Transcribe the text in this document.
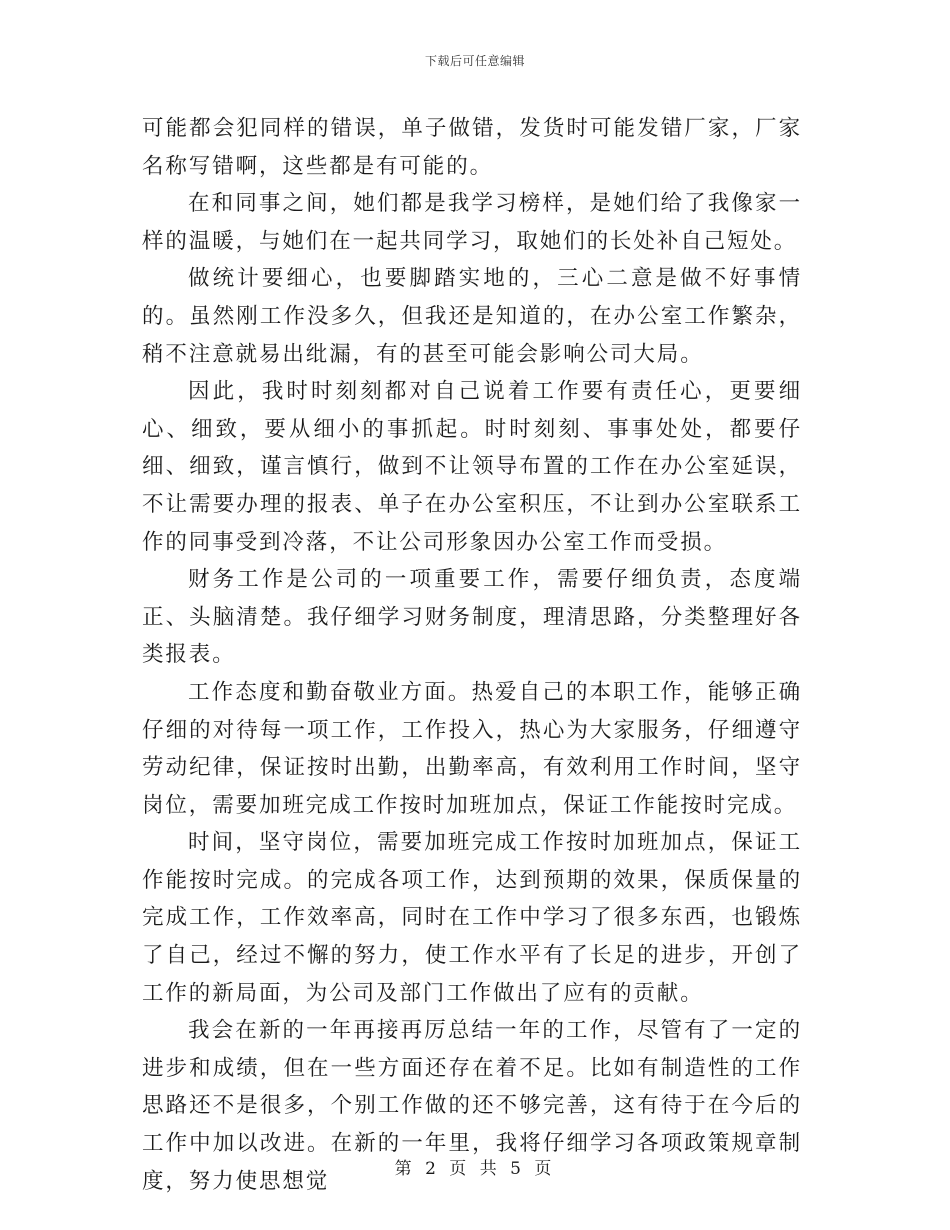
下载后可任意编辑

可能都会犯同样的错误，单子做错，发货时可能发错厂家，厂家名称写错啊，这些都是有可能的。

在和同事之间，她们都是我学习榜样，是她们给了我像家一样的温暖，与她们在一起共同学习，取她们的长处补自己短处。

做统计要细心，也要脚踏实地的，三心二意是做不好事情的。虽然刚工作没多久，但我还是知道的，在办公室工作繁杂，稍不注意就易出纰漏，有的甚至可能会影响公司大局。

因此，我时时刻刻都对自己说着工作要有责任心，更要细心、细致，要从细小的事抓起。时时刻刻、事事处处，都要仔细、细致，谨言慎行，做到不让领导布置的工作在办公室延误，不让需要办理的报表、单子在办公室积压，不让到办公室联系工作的同事受到冷落，不让公司形象因办公室工作而受损。

财务工作是公司的一项重要工作，需要仔细负责，态度端正、头脑清楚。我仔细学习财务制度，理清思路，分类整理好各类报表。

工作态度和勤奋敬业方面。热爱自己的本职工作，能够正确仔细的对待每一项工作，工作投入，热心为大家服务，仔细遵守劳动纪律，保证按时出勤，出勤率高，有效利用工作时间，坚守岗位，需要加班完成工作按时加班加点，保证工作能按时完成。

时间，坚守岗位，需要加班完成工作按时加班加点，保证工作能按时完成。的完成各项工作，达到预期的效果，保质保量的完成工作，工作效率高，同时在工作中学习了很多东西，也锻炼了自己，经过不懈的努力，使工作水平有了长足的进步，开创了工作的新局面，为公司及部门工作做出了应有的贡献。

我会在新的一年再接再厉总结一年的工作，尽管有了一定的进步和成绩，但在一些方面还存在着不足。比如有制造性的工作思路还不是很多，个别工作做的还不够完善，这有待于在今后的工作中加以改进。在新的一年里，我将仔细学习各项政策规章制度，努力使思想觉	第 2 页 共 5 页
